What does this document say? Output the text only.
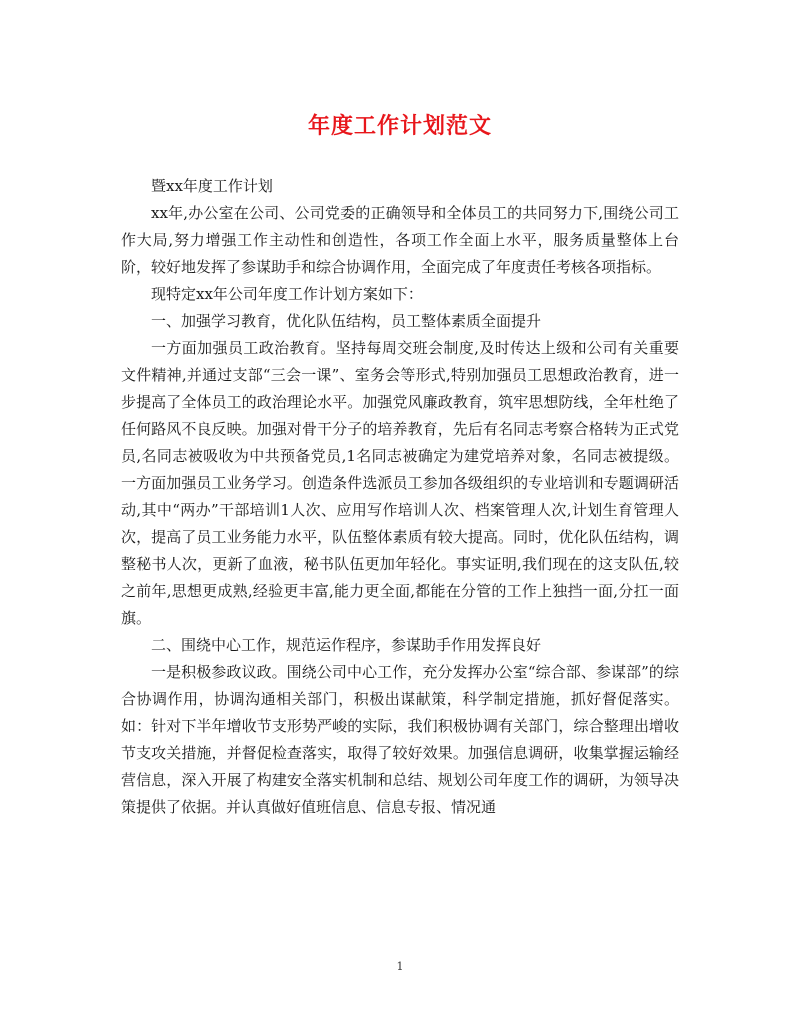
年度工作计划范文

暨xx年度工作计划

xx年,办公室在公司、公司党委的正确领导和全体员工的共同努力下,围绕公司工作大局,努力增强工作主动性和创造性，各项工作全面上水平，服务质量整体上台阶，较好地发挥了参谋助手和综合协调作用，全面完成了年度责任考核各项指标。

现特定xx年公司年度工作计划方案如下：

一、加强学习教育，优化队伍结构，员工整体素质全面提升

一方面加强员工政治教育。坚持每周交班会制度,及时传达上级和公司有关重要文件精神,并通过支部“三会一课”、室务会等形式,特别加强员工思想政治教育，进一步提高了全体员工的政治理论水平。加强党风廉政教育，筑牢思想防线，全年杜绝了任何路风不良反映。加强对骨干分子的培养教育，先后有名同志考察合格转为正式党员,名同志被吸收为中共预备党员,1名同志被确定为建党培养对象，名同志被提级。一方面加强员工业务学习。创造条件选派员工参加各级组织的专业培训和专题调研活动,其中“两办”干部培训1人次、应用写作培训人次、档案管理人次,计划生育管理人次，提高了员工业务能力水平，队伍整体素质有较大提高。同时，优化队伍结构，调整秘书人次，更新了血液，秘书队伍更加年轻化。事实证明,我们现在的这支队伍,较之前年,思想更成熟,经验更丰富,能力更全面,都能在分管的工作上独挡一面,分扛一面旗。

二、围绕中心工作，规范运作程序，参谋助手作用发挥良好

一是积极参政议政。围绕公司中心工作，充分发挥办公室“综合部、参谋部”的综合协调作用，协调沟通相关部门，积极出谋献策，科学制定措施，抓好督促落实。如：针对下半年增收节支形势严峻的实际，我们积极协调有关部门，综合整理出增收节支攻关措施，并督促检查落实，取得了较好效果。加强信息调研，收集掌握运输经营信息，深入开展了构建安全落实机制和总结、规划公司年度工作的调研，为领导决策提供了依据。并认真做好值班信息、信息专报、情况通

1
